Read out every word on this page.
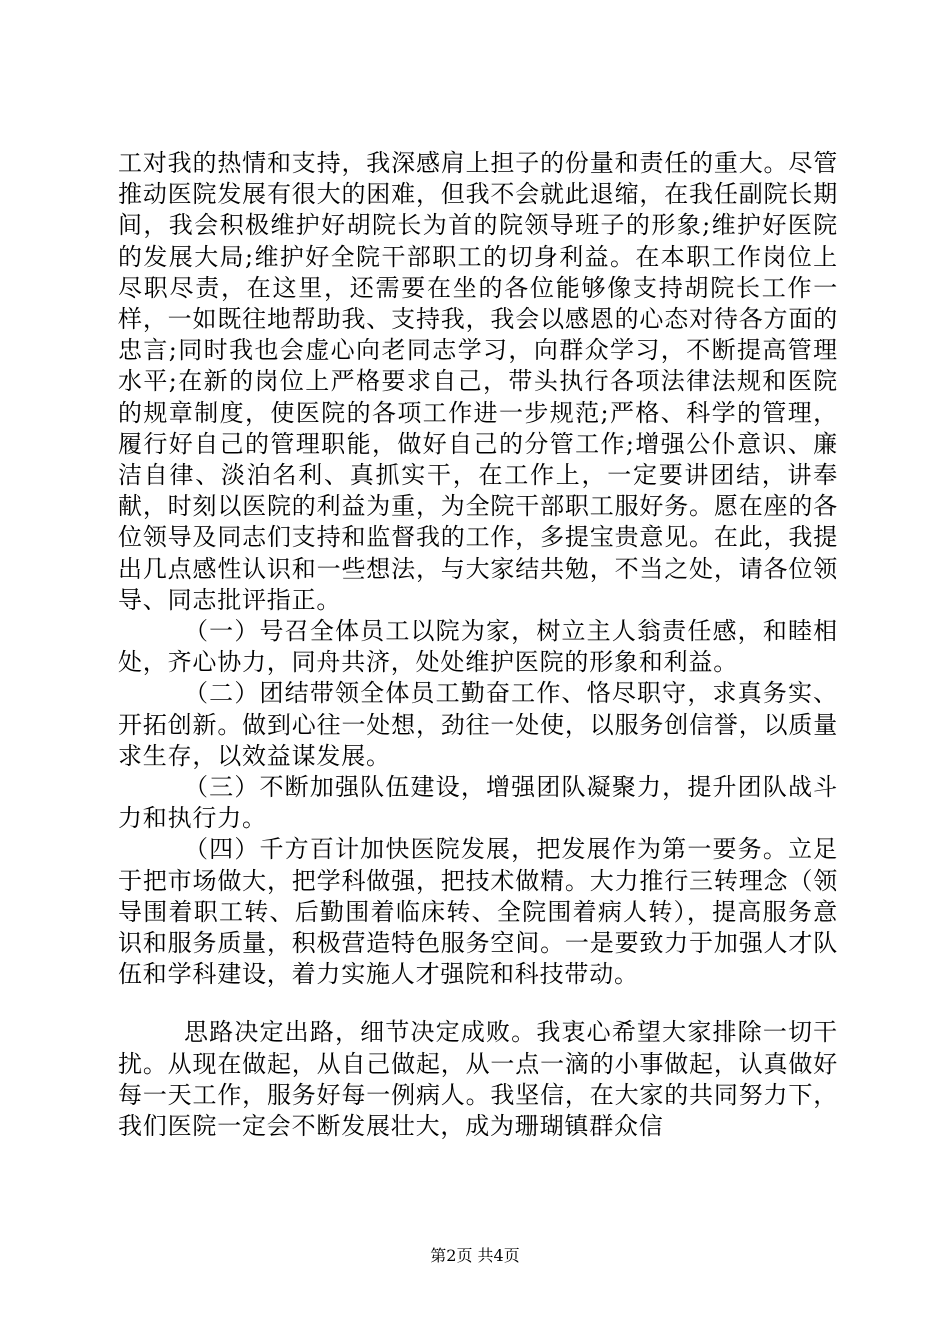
工对我的热情和支持，我深感肩上担子的份量和责任的重大。尽管推动医院发展有很大的困难，但我不会就此退缩，在我任副院长期间，我会积极维护好胡院长为首的院领导班子的形象;维护好医院的发展大局;维护好全院干部职工的切身利益。在本职工作岗位上尽职尽责，在这里，还需要在坐的各位能够像支持胡院长工作一样，一如既往地帮助我、支持我，我会以感恩的心态对待各方面的忠言;同时我也会虚心向老同志学习，向群众学习，不断提高管理水平;在新的岗位上严格要求自己，带头执行各项法律法规和医院的规章制度，使医院的各项工作进一步规范;严格、科学的管理，履行好自己的管理职能，做好自己的分管工作;增强公仆意识、廉洁自律、淡泊名利、真抓实干，在工作上，一定要讲团结，讲奉献，时刻以医院的利益为重，为全院干部职工服好务。愿在座的各位领导及同志们支持和监督我的工作，多提宝贵意见。在此，我提出几点感性认识和一些想法，与大家结共勉，不当之处，请各位领导、同志批评指正。

（一）号召全体员工以院为家，树立主人翁责任感，和睦相处，齐心协力，同舟共济，处处维护医院的形象和利益。

（二）团结带领全体员工勤奋工作、恪尽职守，求真务实、开拓创新。做到心往一处想，劲往一处使，以服务创信誉，以质量求生存，以效益谋发展。

（三）不断加强队伍建设，增强团队凝聚力，提升团队战斗力和执行力。

（四）千方百计加快医院发展，把发展作为第一要务。立足于把市场做大，把学科做强，把技术做精。大力推行三转理念（领导围着职工转、后勤围着临床转、全院围着病人转），提高服务意识和服务质量，积极营造特色服务空间。一是要致力于加强人才队伍和学科建设，着力实施人才强院和科技带动。

思路决定出路，细节决定成败。我衷心希望大家排除一切干扰。从现在做起，从自己做起，从一点一滴的小事做起，认真做好每一天工作，服务好每一例病人。我坚信，在大家的共同努力下，我们医院一定会不断发展壮大，成为珊瑚镇群众信

第2页 共4页
